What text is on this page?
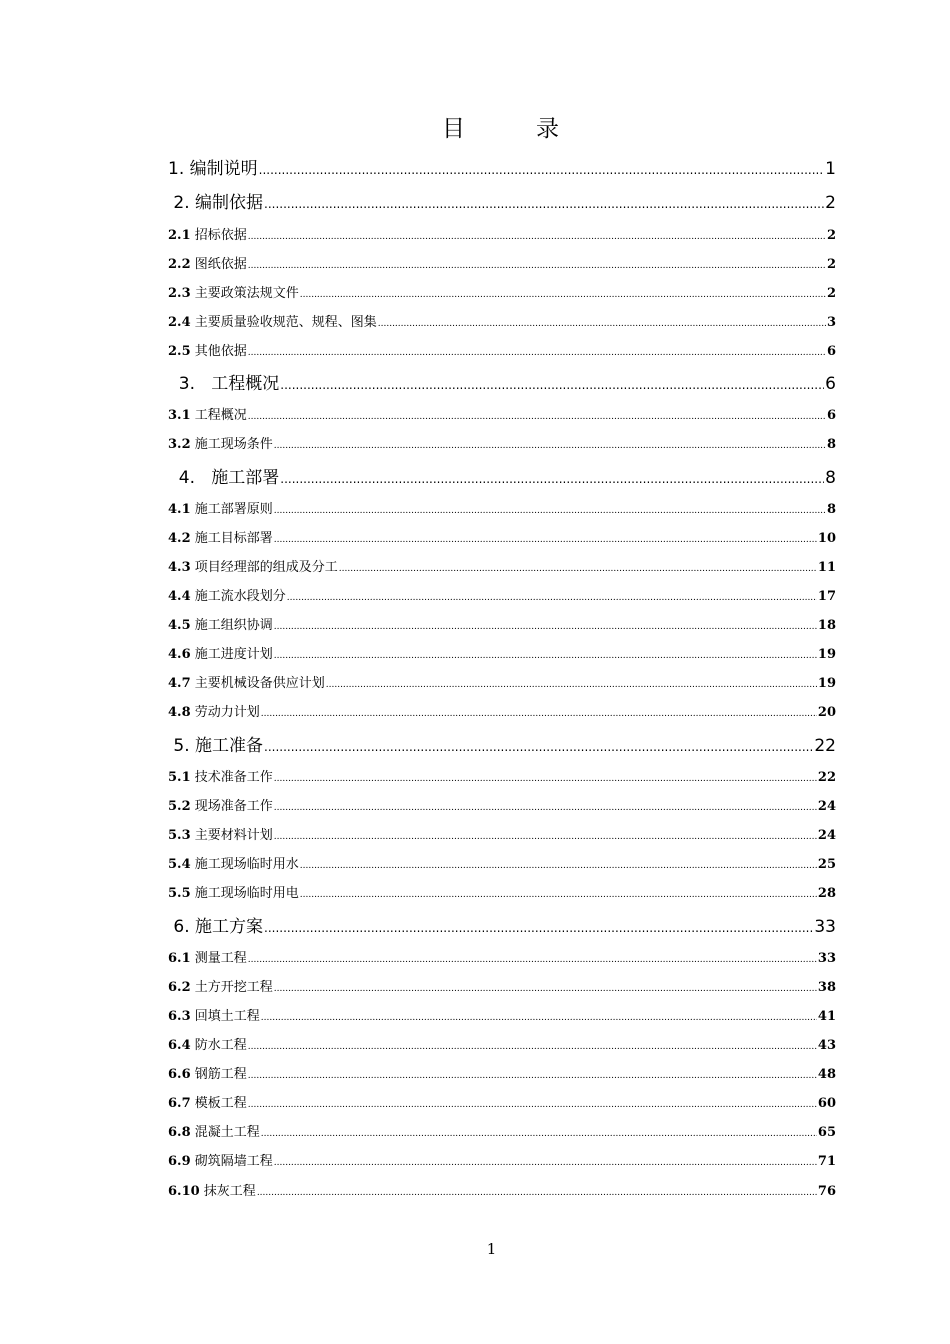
目　录
1. 编制说明 .....	1
2. 编制依据 .....	2
2.1 招标依据 .....	2
2.2 图纸依据 .....	2
2.3 主要政策法规文件 .....	2
2.4 主要质量验收规范、规程、图集 .....	3
2.5 其他依据 .....	6
3.   工程概况 .....	6
3.1 工程概况 .....	6
3.2 施工现场条件 .....	8
4.   施工部署 .....	8
4.1 施工部署原则 .....	8
4.2 施工目标部署 .....	10
4.3 项目经理部的组成及分工 .....	11
4.4 施工流水段划分 .....	17
4.5 施工组织协调 .....	18
4.6 施工进度计划 .....	19
4.7 主要机械设备供应计划 .....	19
4.8 劳动力计划 .....	20
5. 施工准备 .....	22
5.1 技术准备工作 .....	22
5.2 现场准备工作 .....	24
5.3 主要材料计划 .....	24
5.4 施工现场临时用水 .....	25
5.5 施工现场临时用电 .....	28
6. 施工方案 .....	33
6.1 测量工程 .....	33
6.2 土方开挖工程 .....	38
6.3 回填土工程 .....	41
6.4 防水工程 .....	43
6.6 钢筋工程 .....	48
6.7 模板工程 .....	60
6.8 混凝土工程 .....	65
6.9 砌筑隔墙工程 .....	71
6.10 抹灰工程 .....	76
1
